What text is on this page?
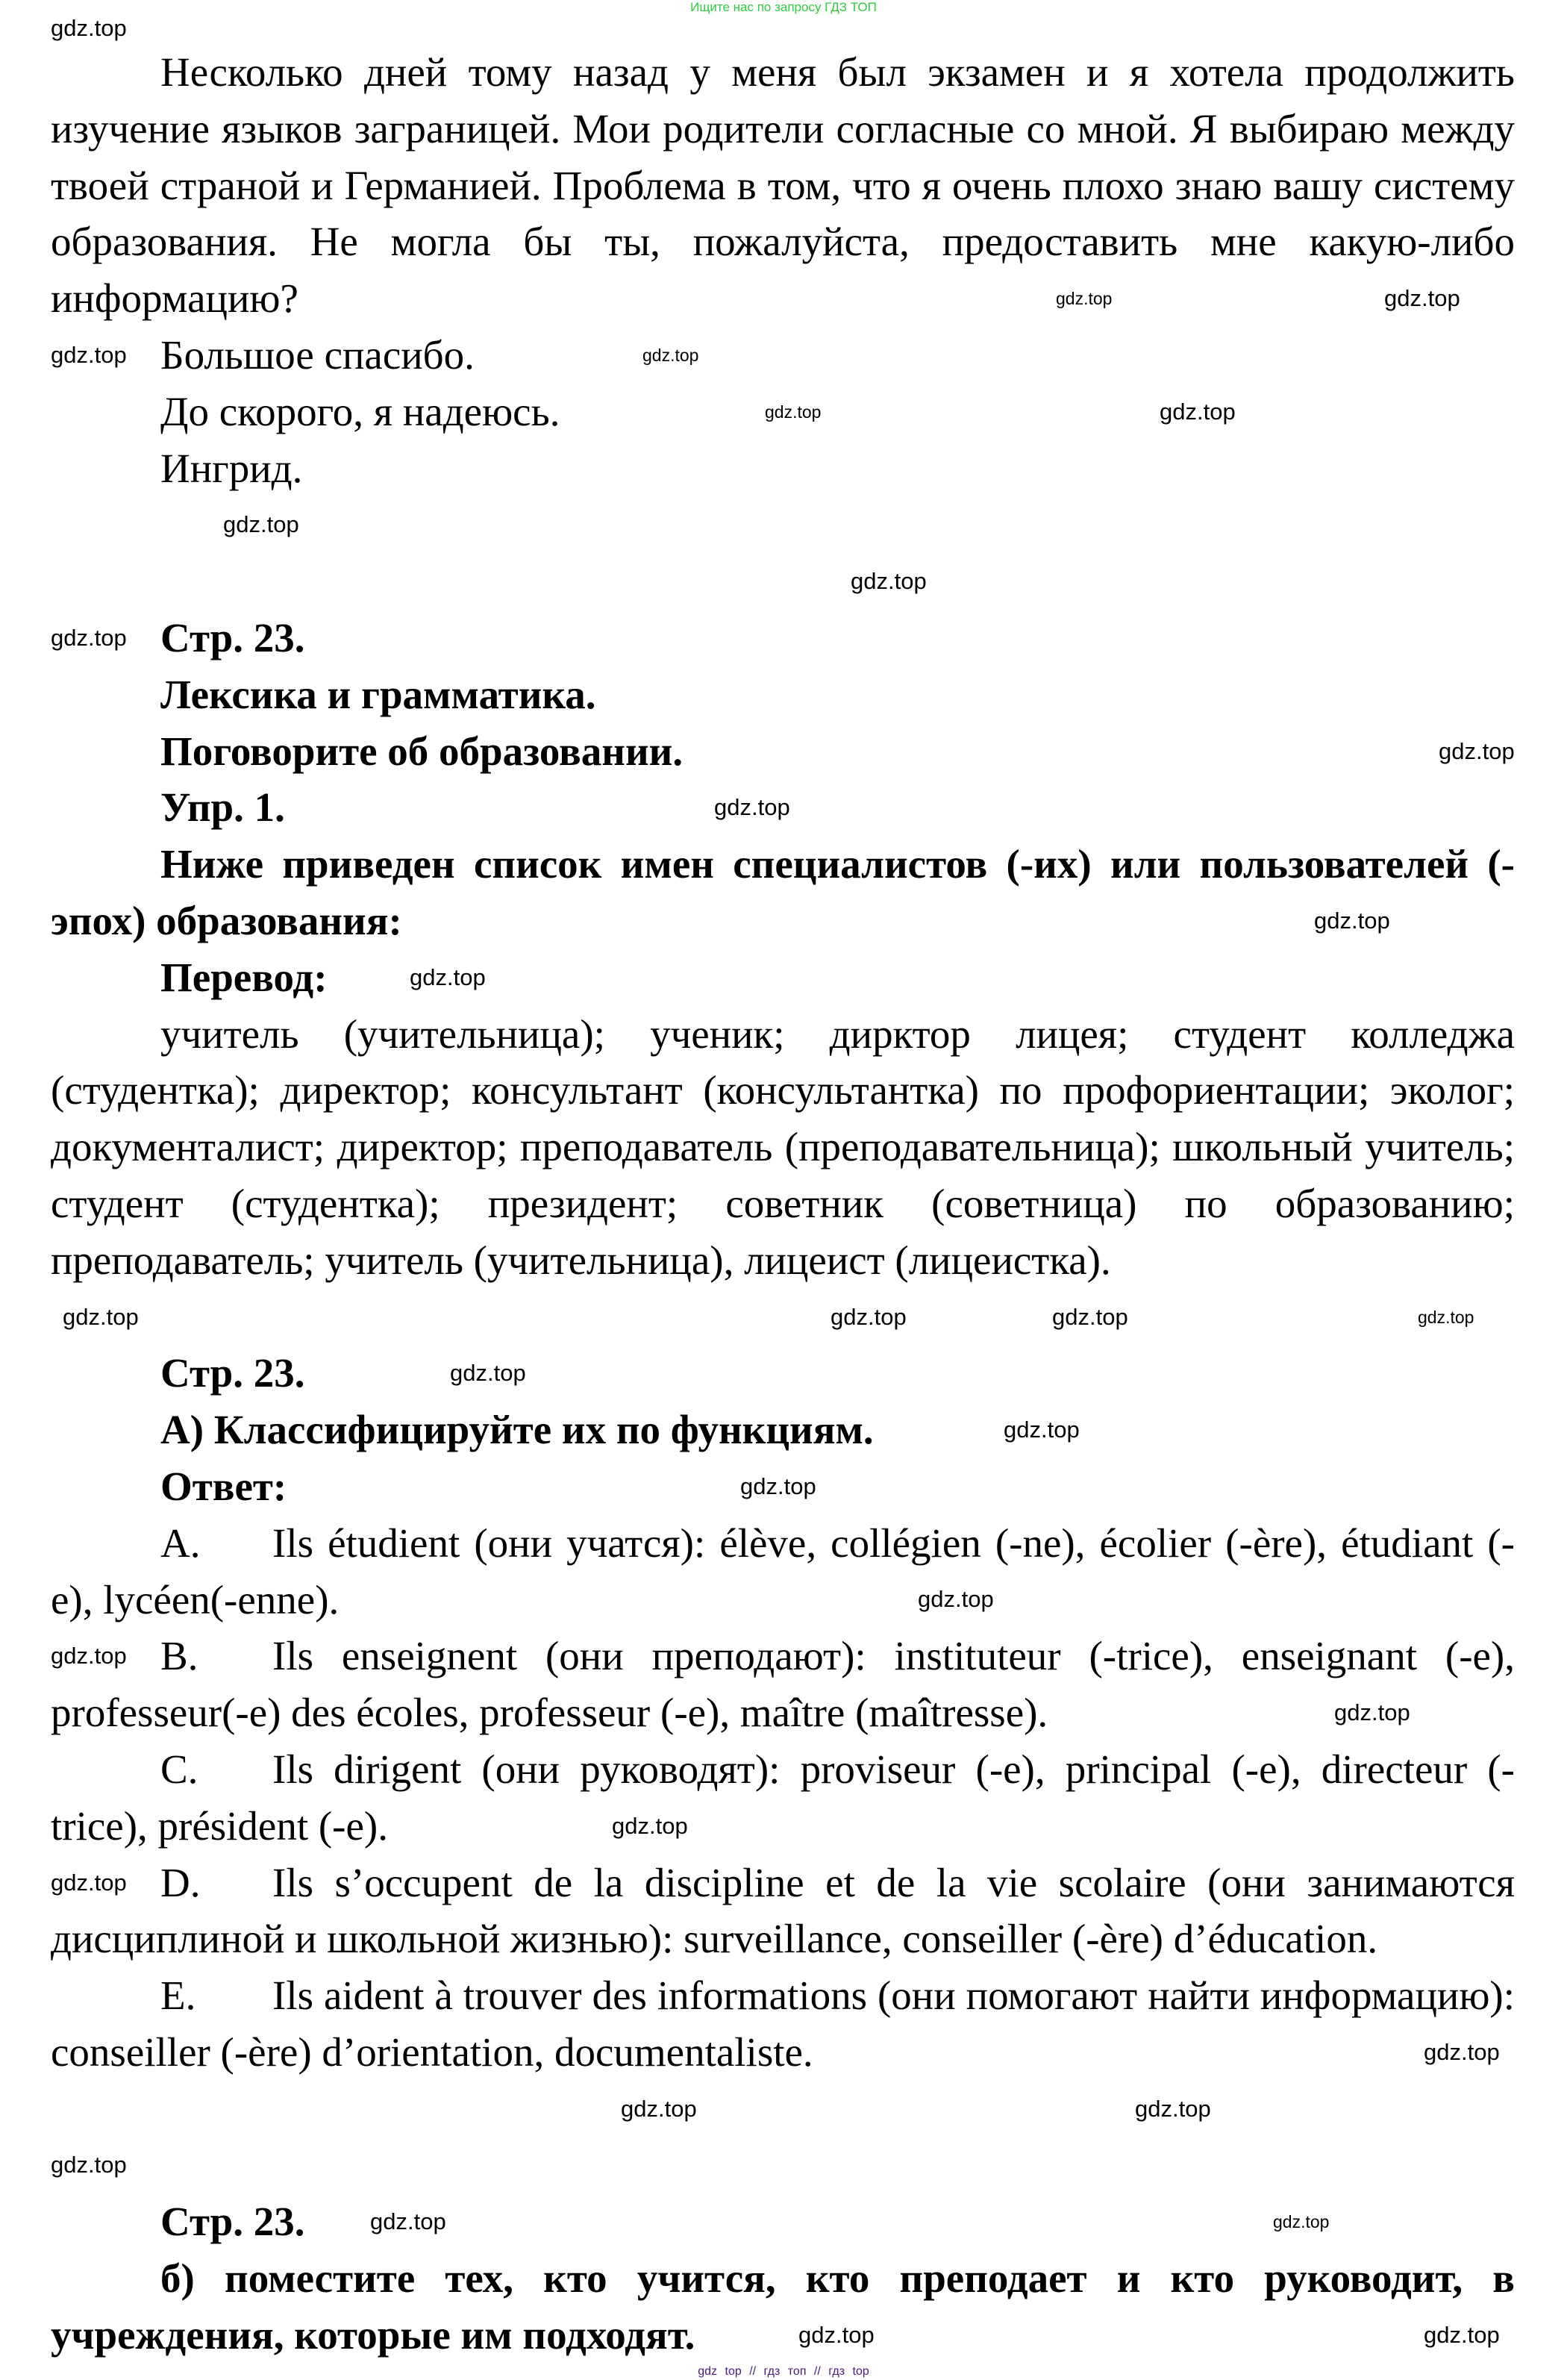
Ищите нас по запросу ГДЗ ТОП
gdz.top

Несколько дней тому назад у меня был экзамен и я хотела продолжить изучение языков заграницей. Мои родители согласные со мной. Я выбираю между твоей страной и Германией. Проблема в том, что я очень плохо знаю вашу систему образования. Не могла бы ты, пожалуйста, предоставить мне какую-либо информацию?	gdz.top	gdz.top

gdz.top Большое спасибо.	gdz.top

До скорого, я надеюсь.	gdz.top	gdz.top

Ингрид.

gdz.top
gdz.top

gdz.top Стр. 23.

Лексика и грамматика.

Поговорите об образовании.	gdz.top

Упр. 1.	gdz.top

Ниже приведен список имен специалистов (-их) или пользователей (- эпох) образования:	gdz.top

Перевод:	gdz.top

учитель (учительница); ученик; дирктор лицея; студент колледжа (студентка); директор; консультант (консультантка) по профориентации; эколог; документалист; директор; преподаватель (преподавательница); школьный учитель; студент (студентка); президент; советник (советница) по образованию; преподаватель; учитель (учительница), лицеист (лицеистка).

gdz.top	gdz.top	gdz.top	gdz.top

Стр. 23.	gdz.top

А) Классифицируйте их по функциям.	gdz.top

Ответ:	gdz.top

A. Ils étudient (они учатся): élève, collégien (-ne), écolier (-ère), étudiant (-e), lycéen(-enne).	gdz.top

gdz.top B. Ils enseignent (они преподают): instituteur (-trice), enseignant (-e), professeur(-e) des écoles, professeur (-e), maître (maîtresse).	gdz.top

C. Ils dirigent (они руководят): proviseur (-e), principal (-e), directeur (-trice), président (-e).	gdz.top

gdz.top D. Ils s’occupent de la discipline et de la vie scolaire (они занимаются дисциплиной и школьной жизнью): surveillance, conseiller (-ère) d’éducation.

E. Ils aident à trouver des informations (они помогают найти информацию): conseiller (-ère) d’orientation, documentaliste.	gdz.top

gdz.top	gdz.top
gdz.top

Стр. 23.	gdz.top	gdz.top

б) поместите тех, кто учится, кто преподает и кто руководит, в учреждения, которые им подходят.	gdz.top	gdz.top

gdz top // гдз топ // гдз top
